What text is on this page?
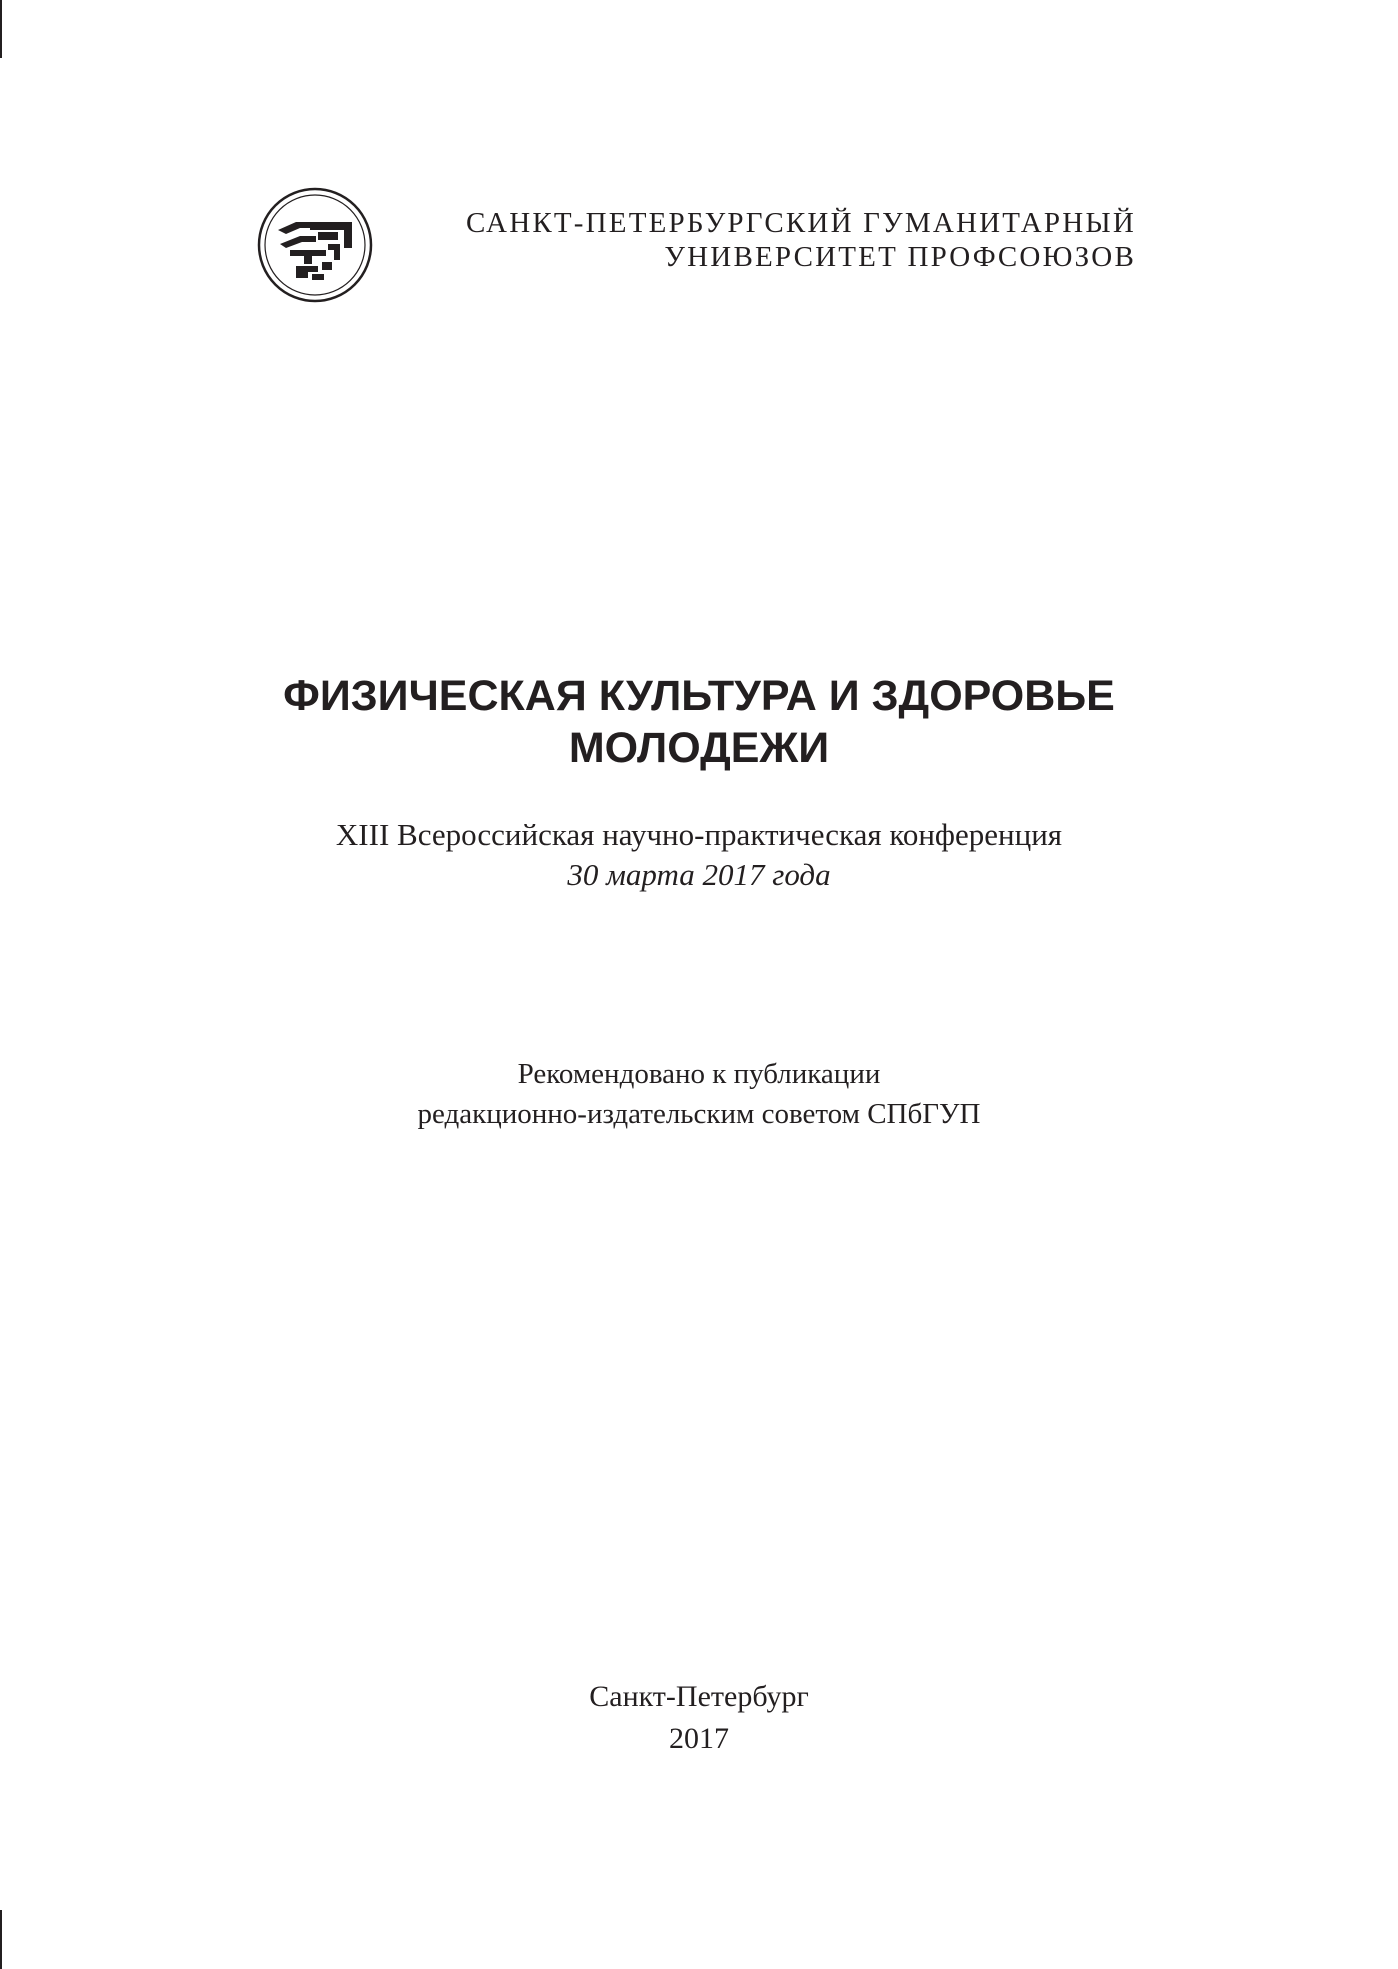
САНКТ-ПЕТЕРБУРГСКИЙ ГУМАНИТАРНЫЙ
УНИВЕРСИТЕТ ПРОФСОЮЗОВ
ФИЗИЧЕСКАЯ КУЛЬТУРА И ЗДОРОВЬЕ
МОЛОДЕЖИ
XIII Всероссийская научно-практическая конференция
30 марта 2017 года
Рекомендовано к публикации
редакционно-издательским советом СПбГУП
Санкт-Петербург
2017
